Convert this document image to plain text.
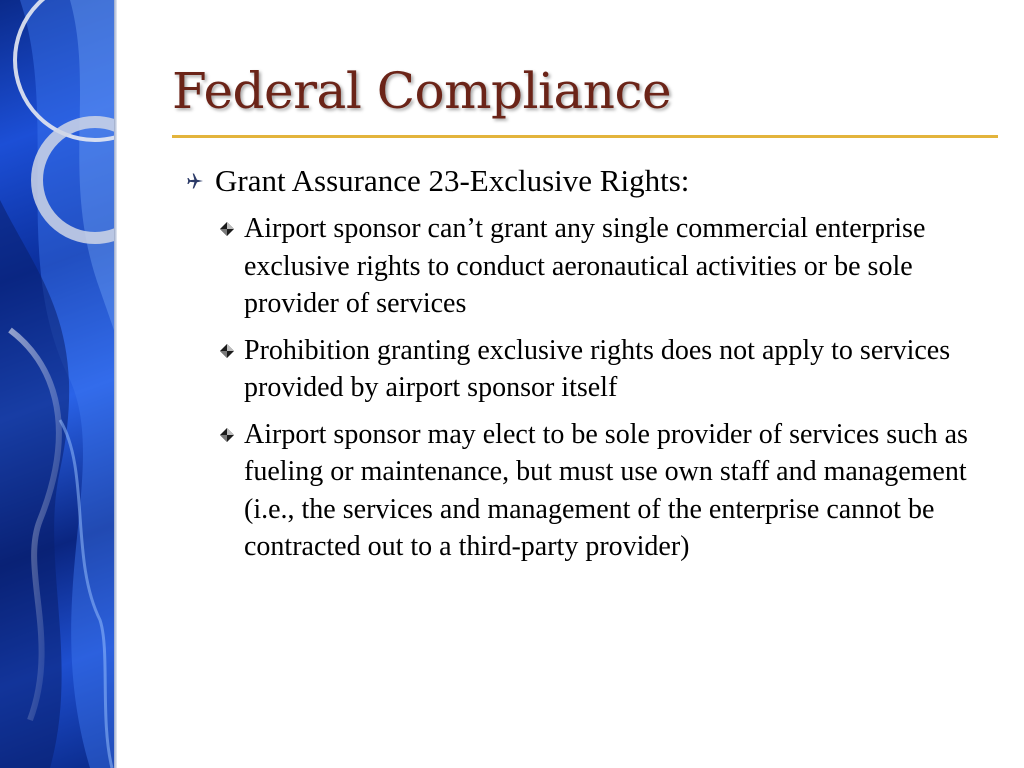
Federal Compliance
Grant Assurance 23-Exclusive Rights:
Airport sponsor can’t grant any single commercial enterprise exclusive rights to conduct aeronautical activities or be sole provider of services
Prohibition granting exclusive rights does not apply to services provided by airport sponsor itself
Airport sponsor may elect to be sole provider of services such as fueling or maintenance, but must use own staff and management (i.e., the services and management of the enterprise cannot be contracted out to a third-party provider)
